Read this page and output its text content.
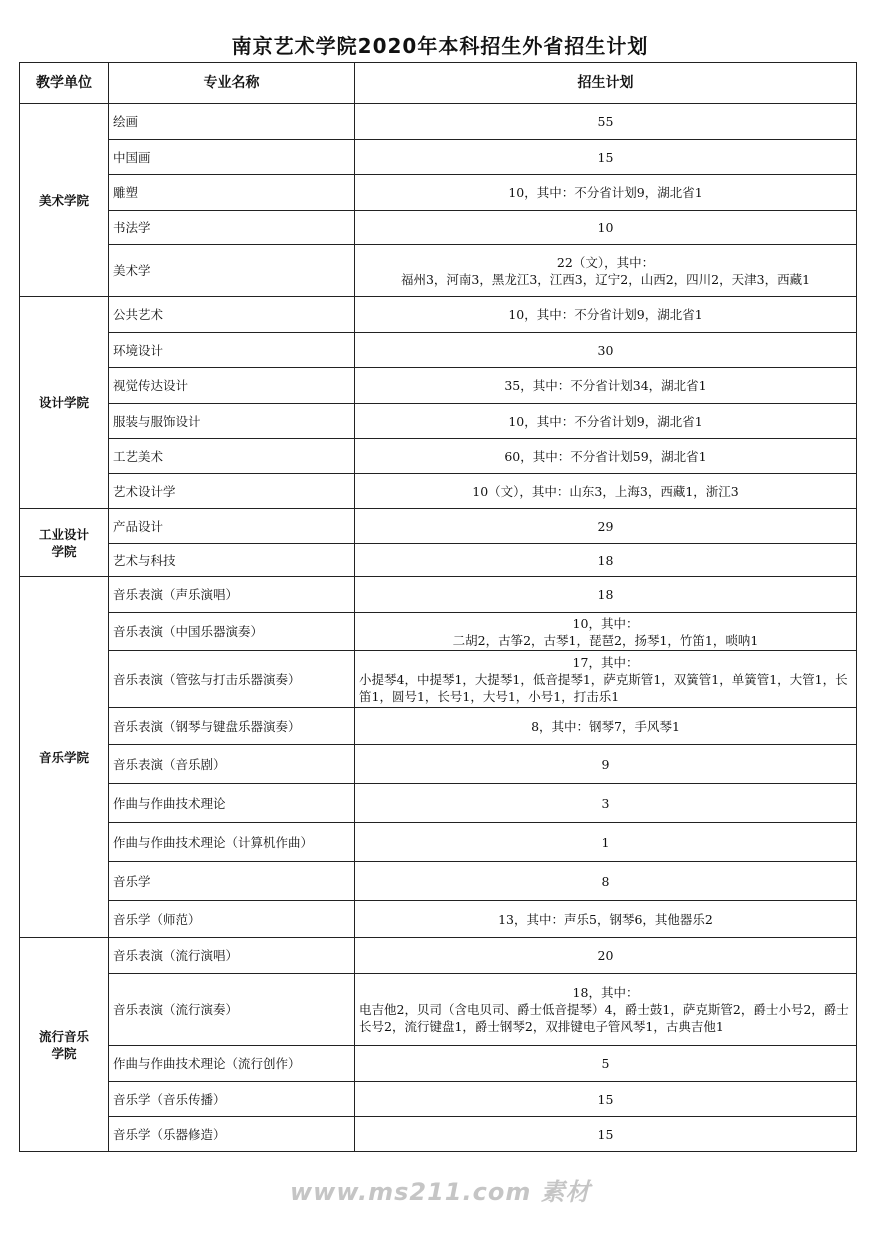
南京艺术学院2020年本科招生外省招生计划
教学单位	专业名称	招生计划
美术学院	绘画	55

	中国画	15

	雕塑	10，其中：不分省计划9，湖北省1

	书法学	10

	美术学	22（文），其中：
福州3，河南3，黑龙江3，江西3，辽宁2，山西2，四川2，天津3，西藏1

设计学院	公共艺术	10，其中：不分省计划9，湖北省1

	环境设计	30

	视觉传达设计	35，其中：不分省计划34，湖北省1

	服装与服饰设计	10，其中：不分省计划9，湖北省1

	工艺美术	60，其中：不分省计划59，湖北省1

	艺术设计学	10（文），其中：山东3，上海3，西藏1，浙江3

工业设计
学院	产品设计	29

	艺术与科技	18

音乐学院	音乐表演（声乐演唱）	18

	音乐表演（中国乐器演奏）	10，其中：
二胡2，古筝2，古琴1，琵琶2，扬琴1，竹笛1，唢呐1

	音乐表演（管弦与打击乐器演奏）	17，其中：
小提琴4，中提琴1，大提琴1，低音提琴1，萨克斯管1，双簧管1，单簧管1，大管1，长笛1，圆号1，长号1，大号1，小号1，打击乐1

	音乐表演（钢琴与键盘乐器演奏）	8，其中：钢琴7，手风琴1

	音乐表演（音乐剧）	9

	作曲与作曲技术理论	3

	作曲与作曲技术理论（计算机作曲）	1

	音乐学	8

	音乐学（师范）	13，其中：声乐5，钢琴6，其他器乐2

流行音乐
学院	音乐表演（流行演唱）	20

	音乐表演（流行演奏）	18，其中：
电吉他2，贝司（含电贝司、爵士低音提琴）4，爵士鼓1，萨克斯管2，爵士小号2，爵士长号2，流行键盘1，爵士钢琴2，双排键电子管风琴1，古典吉他1

	作曲与作曲技术理论（流行创作）	5

	音乐学（音乐传播）	15

	音乐学（乐器修造）	15
www.ms211.com 素材
